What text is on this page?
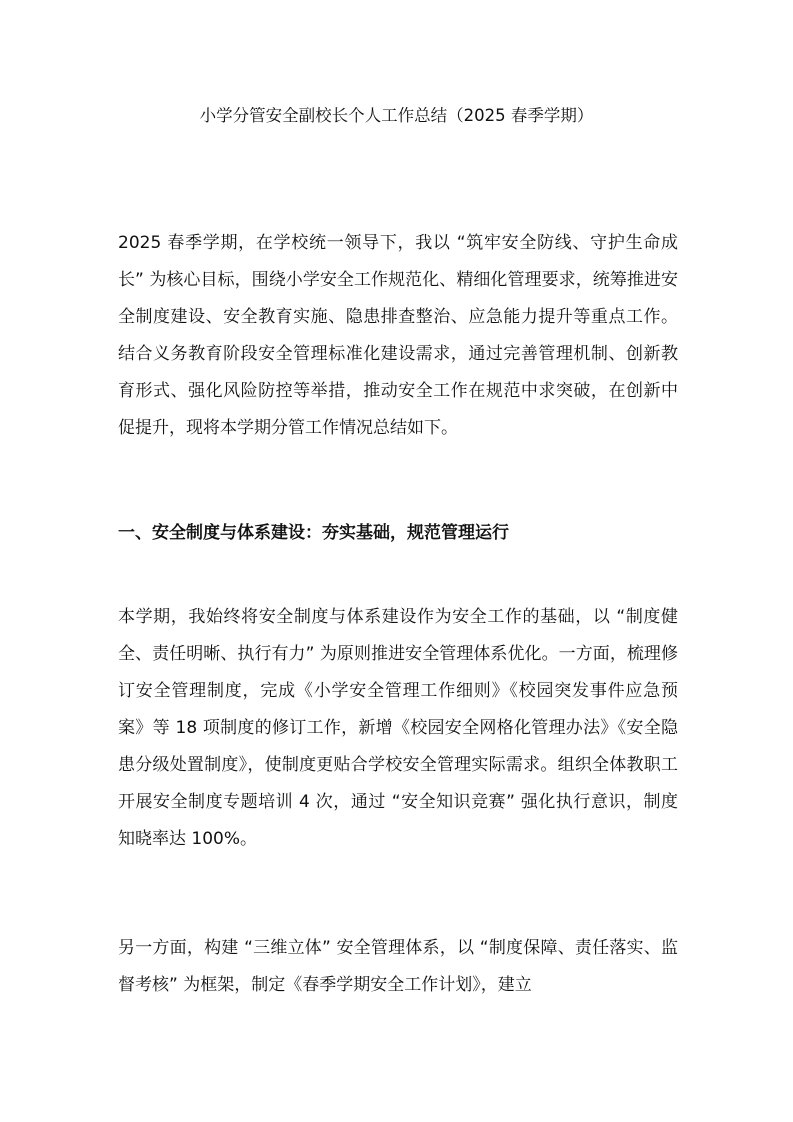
小学分管安全副校长个人工作总结（2025 春季学期）

2025 春季学期，在学校统一领导下，我以 “筑牢安全防线、守护生命成长” 为核心目标，围绕小学安全工作规范化、精细化管理要求，统筹推进安全制度建设、安全教育实施、隐患排查整治、应急能力提升等重点工作。结合义务教育阶段安全管理标准化建设需求，通过完善管理机制、创新教育形式、强化风险防控等举措，推动安全工作在规范中求突破，在创新中促提升，现将本学期分管工作情况总结如下。

一、安全制度与体系建设：夯实基础，规范管理运行

本学期，我始终将安全制度与体系建设作为安全工作的基础，以 “制度健全、责任明晰、执行有力” 为原则推进安全管理体系优化。一方面，梳理修订安全管理制度，完成《小学安全管理工作细则》《校园突发事件应急预案》等 18 项制度的修订工作，新增《校园安全网格化管理办法》《安全隐患分级处置制度》，使制度更贴合学校安全管理实际需求。组织全体教职工开展安全制度专题培训 4 次，通过 “安全知识竞赛” 强化执行意识，制度知晓率达 100%。

另一方面，构建 “三维立体” 安全管理体系，以 “制度保障、责任落实、监督考核” 为框架，制定《春季学期安全工作计划》，建立
